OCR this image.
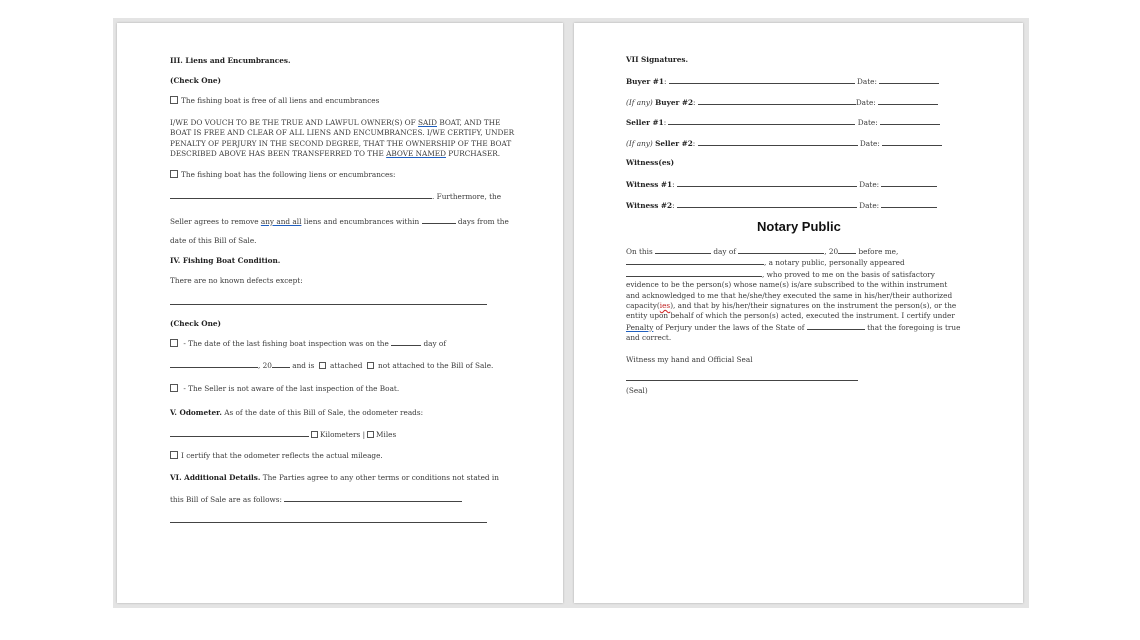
III. Liens and Encumbrances.
(Check One)
The fishing boat is free of all liens and encumbrances
I/WE DO VOUCH TO BE THE TRUE AND LAWFUL OWNER(S) OF SAID BOAT, AND THE
BOAT IS FREE AND CLEAR OF ALL LIENS AND ENCUMBRANCES. I/WE CERTIFY, UNDER
PENALTY OF PERJURY IN THE SECOND DEGREE, THAT THE OWNERSHIP OF THE BOAT
DESCRIBED ABOVE HAS BEEN TRANSFERRED TO THE ABOVE NAMED PURCHASER.
The fishing boat has the following liens or encumbrances:
. Furthermore, the
Seller agrees to remove any and all liens and encumbrances within	days from the
date of this Bill of Sale.
IV. Fishing Boat Condition.
There are no known defects except:
(Check One)
- The date of the last fishing boat inspection was on the	day of
, 20 and is  attached  not attached to the Bill of Sale.
- The Seller is not aware of the last inspection of the Boat.
V. Odometer. As of the date of this Bill of Sale, the odometer reads:
Kilometers | Miles
I certify that the odometer reflects the actual mileage.
VI. Additional Details. The Parties agree to any other terms or conditions not stated in
this Bill of Sale are as follows:
VII Signatures.
Buyer #1:	Date:
(If any) Buyer #2:	Date:
Seller #1:	Date:
(If any) Seller #2:	Date:
Witness(es)
Witness #1:	Date:
Witness #2:	Date:
Notary Public
On this	day of	, 20 before me,
, a notary public, personally appeared
, who proved to me on the basis of satisfactory
evidence to be the person(s) whose name(s) is/are subscribed to the within instrument
and acknowledged to me that he/she/they executed the same in his/her/their authorized
capacity(ies), and that by his/her/their signatures on the instrument the person(s), or the
entity upon behalf of which the person(s) acted, executed the instrument. I certify under
Penalty of Perjury under the laws of the State of	that the foregoing is true
and correct.
Witness my hand and Official Seal
(Seal)
